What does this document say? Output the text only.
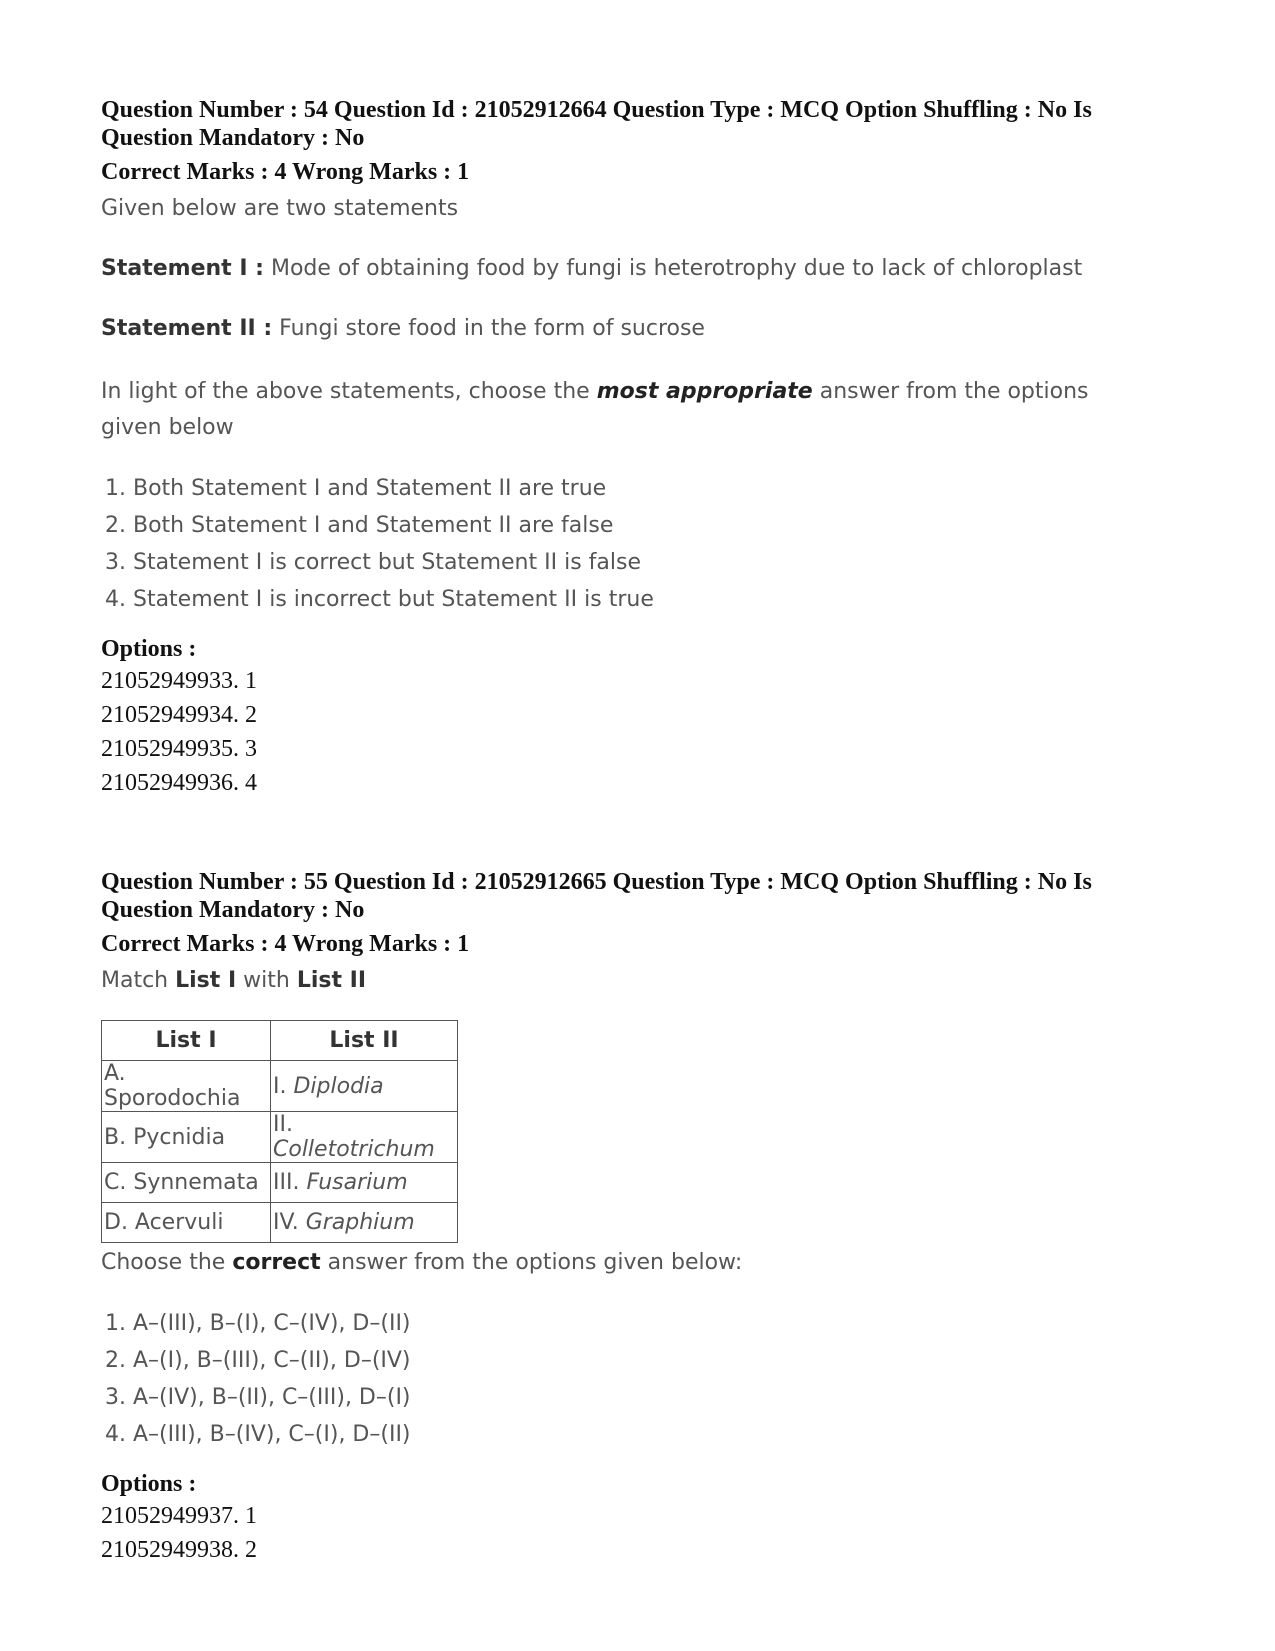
Question Number : 54 Question Id : 21052912664 Question Type : MCQ Option Shuffling : No Is
Question Mandatory : No
Correct Marks : 4 Wrong Marks : 1
Given below are two statements
Statement I : Mode of obtaining food by fungi is heterotrophy due to lack of chloroplast
Statement II : Fungi store food in the form of sucrose
In light of the above statements, choose the most appropriate answer from the options given below
1. Both Statement I and Statement II are true
2. Both Statement I and Statement II are false
3. Statement I is correct but Statement II is false
4. Statement I is incorrect but Statement II is true
Options :
21052949933. 1
21052949934. 2
21052949935. 3
21052949936. 4
Question Number : 55 Question Id : 21052912665 Question Type : MCQ Option Shuffling : No Is
Question Mandatory : No
Correct Marks : 4 Wrong Marks : 1
Match List I with List II
List I	List II
A. Sporodochia	I. Diplodia
B. Pycnidia	II. Colletotrichum
C. Synnemata	III. Fusarium
D. Acervuli	IV. Graphium
Choose the correct answer from the options given below:
1. A–(III), B–(I), C–(IV), D–(II)
2. A–(I), B–(III), C–(II), D–(IV)
3. A–(IV), B–(II), C–(III), D–(I)
4. A–(III), B–(IV), C–(I), D–(II)
Options :
21052949937. 1
21052949938. 2
